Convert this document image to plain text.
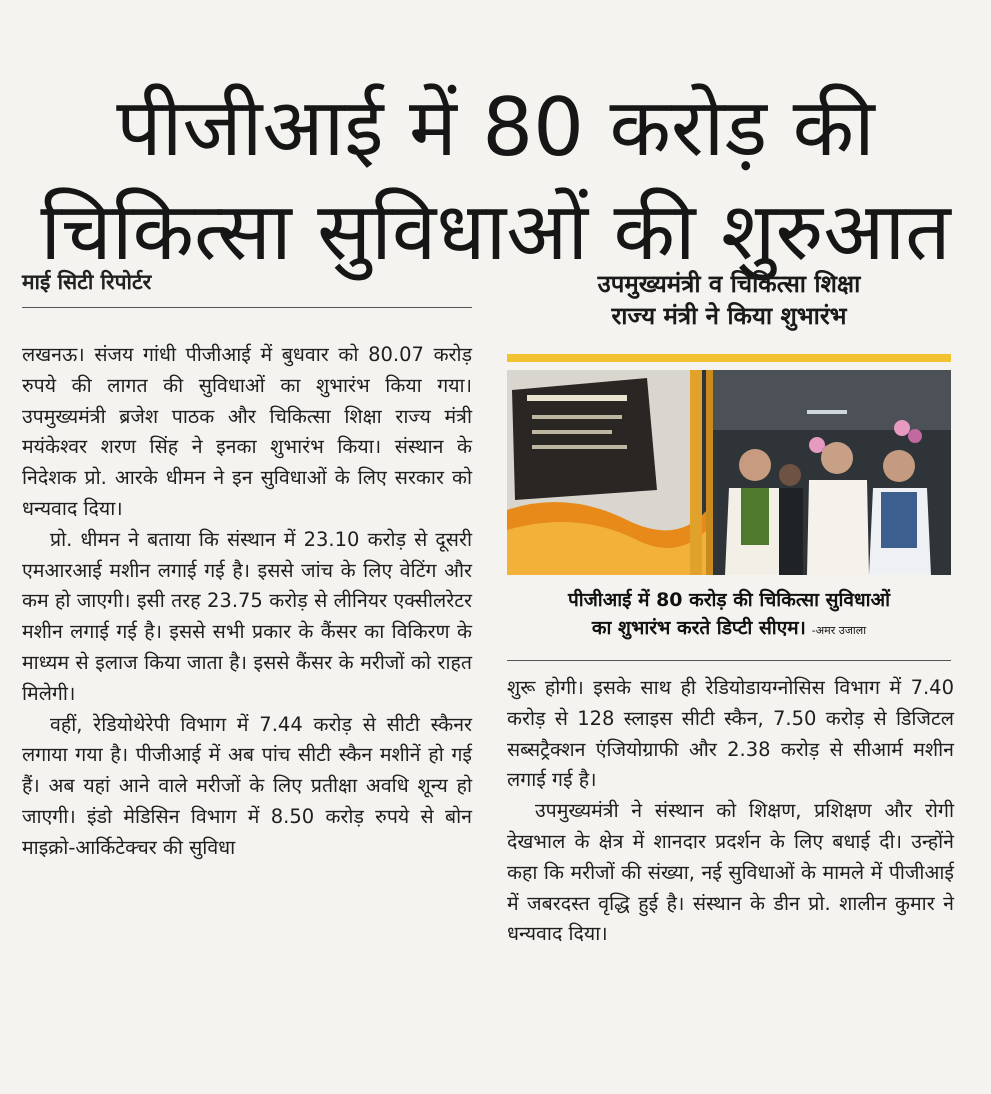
पीजीआई में 80 करोड़ की
चिकित्सा सुविधाओं की शुरुआत
माई सिटी रिपोर्टर

लखनऊ। संजय गांधी पीजीआई में बुधवार को 80.07 करोड़ रुपये की लागत की सुविधाओं का शुभारंभ किया गया। उपमुख्यमंत्री ब्रजेश पाठक और चिकित्सा शिक्षा राज्य मंत्री मयंकेश्वर शरण सिंह ने इनका शुभारंभ किया। संस्थान के निदेशक प्रो. आरके धीमन ने इन सुविधाओं के लिए सरकार को धन्यवाद दिया।

प्रो. धीमन ने बताया कि संस्थान में 23.10 करोड़ से दूसरी एमआरआई मशीन लगाई गई है। इससे जांच के लिए वेटिंग और कम हो जाएगी। इसी तरह 23.75 करोड़ से लीनियर एक्सीलरेटर मशीन लगाई गई है। इससे सभी प्रकार के कैंसर का विकिरण के माध्यम से इलाज किया जाता है। इससे कैंसर के मरीजों को राहत मिलेगी।

वहीं, रेडियोथेरेपी विभाग में 7.44 करोड़ से सीटी स्कैनर लगाया गया है। पीजीआई में अब पांच सीटी स्कैन मशीनें हो गई हैं। अब यहां आने वाले मरीजों के लिए प्रतीक्षा अवधि शून्य हो जाएगी। इंडो मेडिसिन विभाग में 8.50 करोड़ रुपये से बोन माइक्रो-आर्किटेक्चर की सुविधा

उपमुख्यमंत्री व चिकित्सा शिक्षा
राज्य मंत्री ने किया शुभारंभ
पीजीआई में 80 करोड़ की चिकित्सा सुविधाओं
का शुभारंभ करते डिप्टी सीएम। -अमर उजाला

शुरू होगी। इसके साथ ही रेडियोडायग्नोसिस विभाग में 7.40 करोड़ से 128 स्लाइस सीटी स्कैन, 7.50 करोड़ से डिजिटल सब्सट्रैक्शन एंजियोग्राफी और 2.38 करोड़ से सीआर्म मशीन लगाई गई है।

उपमुख्यमंत्री ने संस्थान को शिक्षण, प्रशिक्षण और रोगी देखभाल के क्षेत्र में शानदार प्रदर्शन के लिए बधाई दी। उन्होंने कहा कि मरीजों की संख्या, नई सुविधाओं के मामले में पीजीआई में जबरदस्त वृद्धि हुई है। संस्थान के डीन प्रो. शालीन कुमार ने धन्यवाद दिया।
